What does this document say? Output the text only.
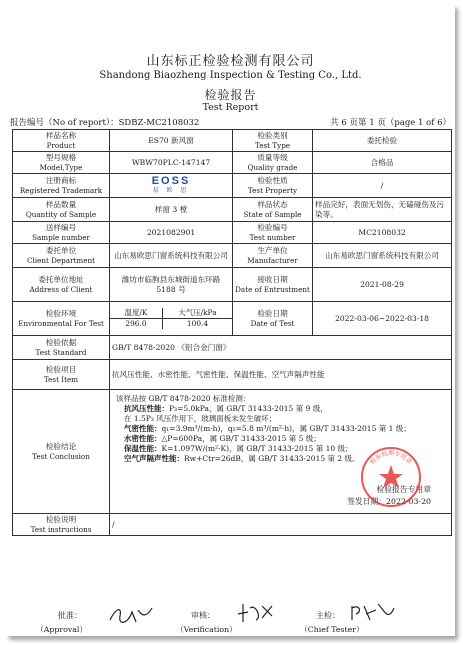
山东标正检验检测有限公司
Shandong Biaozheng Inspection & Testing Co., Ltd.
检验报告
Test Report
报告编号（No of report）：SDBZ-MC2108032	共 6 页第 1 页（page 1 of 6）
样品名称
Product
	ES70 新风窗	
检验类别
Test Type
	委托检验

型号规格
Model,Type
	WBW70PLC-147147	
质量等级
Quality grade
	合格品

注册商标
Registered Trademark

EOSS
易 欧 思

检验性质
Test Property
	/

样品数量
Quantity of Sample
	样窗 3 樘	
样品状态
State of Sample
	样品完好，表面无划伤，无磕碰伤及污染等。

送样编号
Sample number
	2021082901	
检验编号
Test number
	MC2108032

委托单位
Client Department
	山东易欧思门窗系统科技有限公司	
生产单位
Manufacturer
	山东易欧思门窗系统科技有限公司

委托单位地址
Address of Client
	潍坊市临朐县东城街道东环路 5188 号	
接收日期
Date of Entrustment
	2021-08-29

检验环境
Environmental For Test

温度/K	大气压/kPa
296.0	100.4

检验日期
Date of Test
	2022-03-06~2022-03-18

检验依据
Test Standard
	GB/T 8478-2020 《铝合金门窗》

检验项目
Test Item
	抗风压性能、水密性能、气密性能、保温性能、空气声隔声性能

检验结论
Test Conclusion

该样品按 GB/T 8478-2020 标准检测：
抗风压性能：P₃=5.0kPa，属 GB/T 31433-2015 第 9 级，
在 1.5P₃ 风压作用下，玻璃面板未发生破坏；
气密性能：q₁=3.9m³/(m·h)，q₂=5.8 m³/(m²·h)，属 GB/T 31433-2015 第 1 级；
水密性能：△P=600Pa，属 GB/T 31433-2015 第 5 级；
保温性能：K=1.097W/(m²·K)，属 GB/T 31433-2015 第 10 级；
空气声隔声性能：Rw+Ctr=26dB，属 GB/T 31433-2015 第 2 级。
检验报告专用章
签发日期：2022-03-20
检验检测专用章

检验说明
Test instructions
	/
批准：	审核：	主检：
（Approval）	（Verification）	（Chief Tester）
